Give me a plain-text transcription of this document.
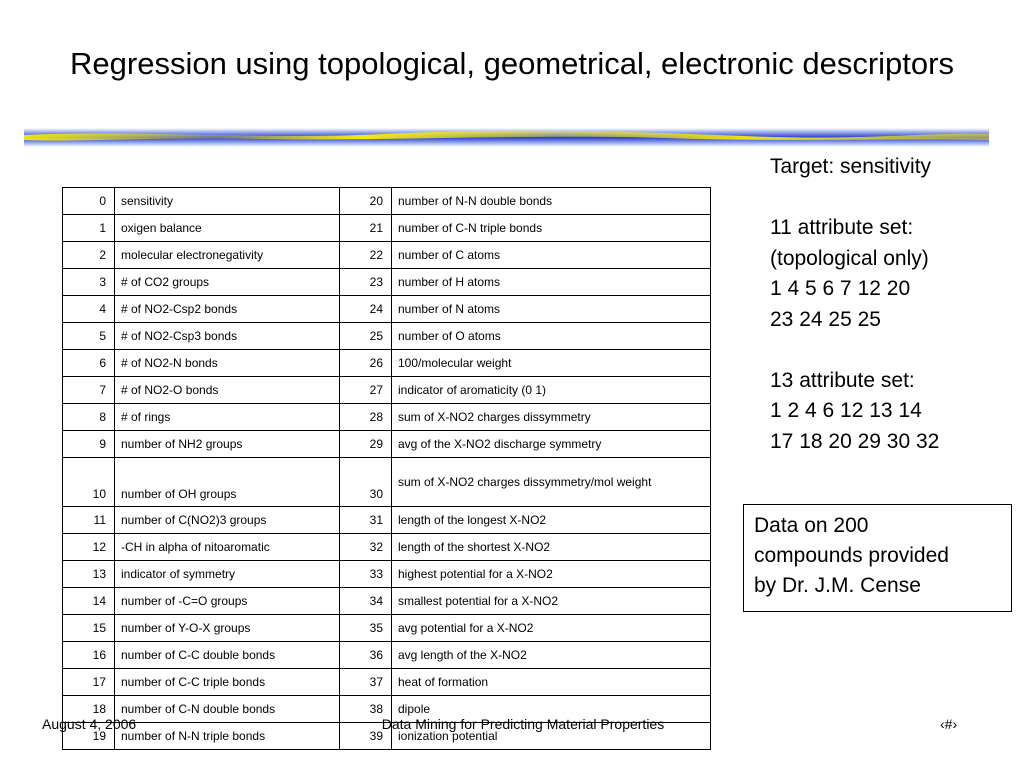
Regression using topological, geometrical, electronic descriptors
0	sensitivity	20	number of N-N double bonds
1	oxigen balance	21	number of C-N triple bonds
2	molecular electronegativity	22	number of C atoms
3	# of CO2 groups	23	number of H atoms
4	# of NO2-Csp2 bonds	24	number of N atoms
5	# of NO2-Csp3 bonds	25	number of O atoms
6	# of NO2-N bonds	26	100/molecular weight
7	# of NO2-O bonds	27	indicator of aromaticity (0 1)
8	# of rings	28	sum of X-NO2 charges dissymmetry
9	number of NH2 groups	29	avg of the X-NO2 discharge symmetry
10	number of OH groups	30	sum of X-NO2 charges dissymmetry/mol weight
11	number of C(NO2)3 groups	31	length of the longest X-NO2
12	-CH in alpha of nitoaromatic	32	length of the shortest X-NO2
13	indicator of symmetry	33	highest potential for a X-NO2
14	number of -C=O groups	34	smallest potential for a X-NO2
15	number of Y-O-X groups	35	avg potential for a X-NO2
16	number of C-C double bonds	36	avg length of the X-NO2
17	number of C-C triple bonds	37	heat of formation
18	number of C-N double bonds	38	dipole
19	number of N-N triple bonds	39	ionization potential
Target: sensitivity
11 attribute set:
(topological only)
1 4 5 6 7 12 20
23 24 25 25
13 attribute set:
1 2 4 6 12 13 14
17 18 20 29 30 32
Data on 200
compounds provided
by Dr. J.M. Cense
August 4, 2006	Data Mining for Predicting Material Properties	‹#›
